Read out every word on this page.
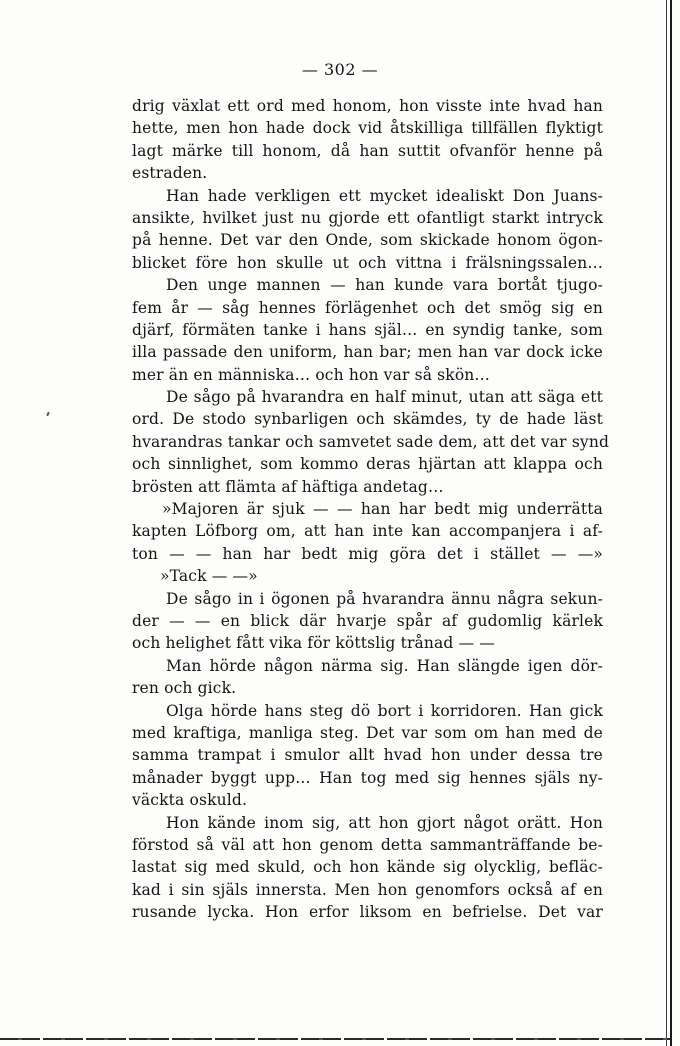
— 302 —
drig växlat ett ord med honom, hon visste inte hvad han
hette, men hon hade dock vid åtskilliga tillfällen flyktigt
lagt märke till honom, då han suttit ofvanför henne på
estraden.
Han hade verkligen ett mycket idealiskt Don Juans-
ansikte, hvilket just nu gjorde ett ofantligt starkt intryck
på henne. Det var den Onde, som skickade honom ögon-
blicket före hon skulle ut och vittna i frälsningssalen…
Den unge mannen — han kunde vara bortåt tjugo-
fem år — såg hennes förlägenhet och det smög sig en
djärf, förmäten tanke i hans själ… en syndig tanke, som
illa passade den uniform, han bar; men han var dock icke
mer än en människa… och hon var så skön…
De sågo på hvarandra en half minut, utan att säga ett
ord. De stodo synbarligen och skämdes, ty de hade läst
hvarandras tankar och samvetet sade dem, att det var synd
och sinnlighet, som kommo deras hjärtan att klappa och
brösten att flämta af häftiga andetag…
»Majoren är sjuk — — han har bedt mig underrätta
kapten Löfborg om, att han inte kan accompanjera i af-
ton — — han har bedt mig göra det i stället — —»
»Tack — —»
De sågo in i ögonen på hvarandra ännu några sekun-
der — — en blick där hvarje spår af gudomlig kärlek
och helighet fått vika för köttslig trånad — —
Man hörde någon närma sig. Han slängde igen dör-
ren och gick.
Olga hörde hans steg dö bort i korridoren. Han gick
med kraftiga, manliga steg. Det var som om han med de
samma trampat i smulor allt hvad hon under dessa tre
månader byggt upp… Han tog med sig hennes själs ny-
väckta oskuld.
Hon kände inom sig, att hon gjort något orätt. Hon
förstod så väl att hon genom detta sammanträffande be-
lastat sig med skuld, och hon kände sig olycklig, befläc-
kad i sin själs innersta. Men hon genomfors också af en
rusande lycka. Hon erfor liksom en befrielse. Det var
